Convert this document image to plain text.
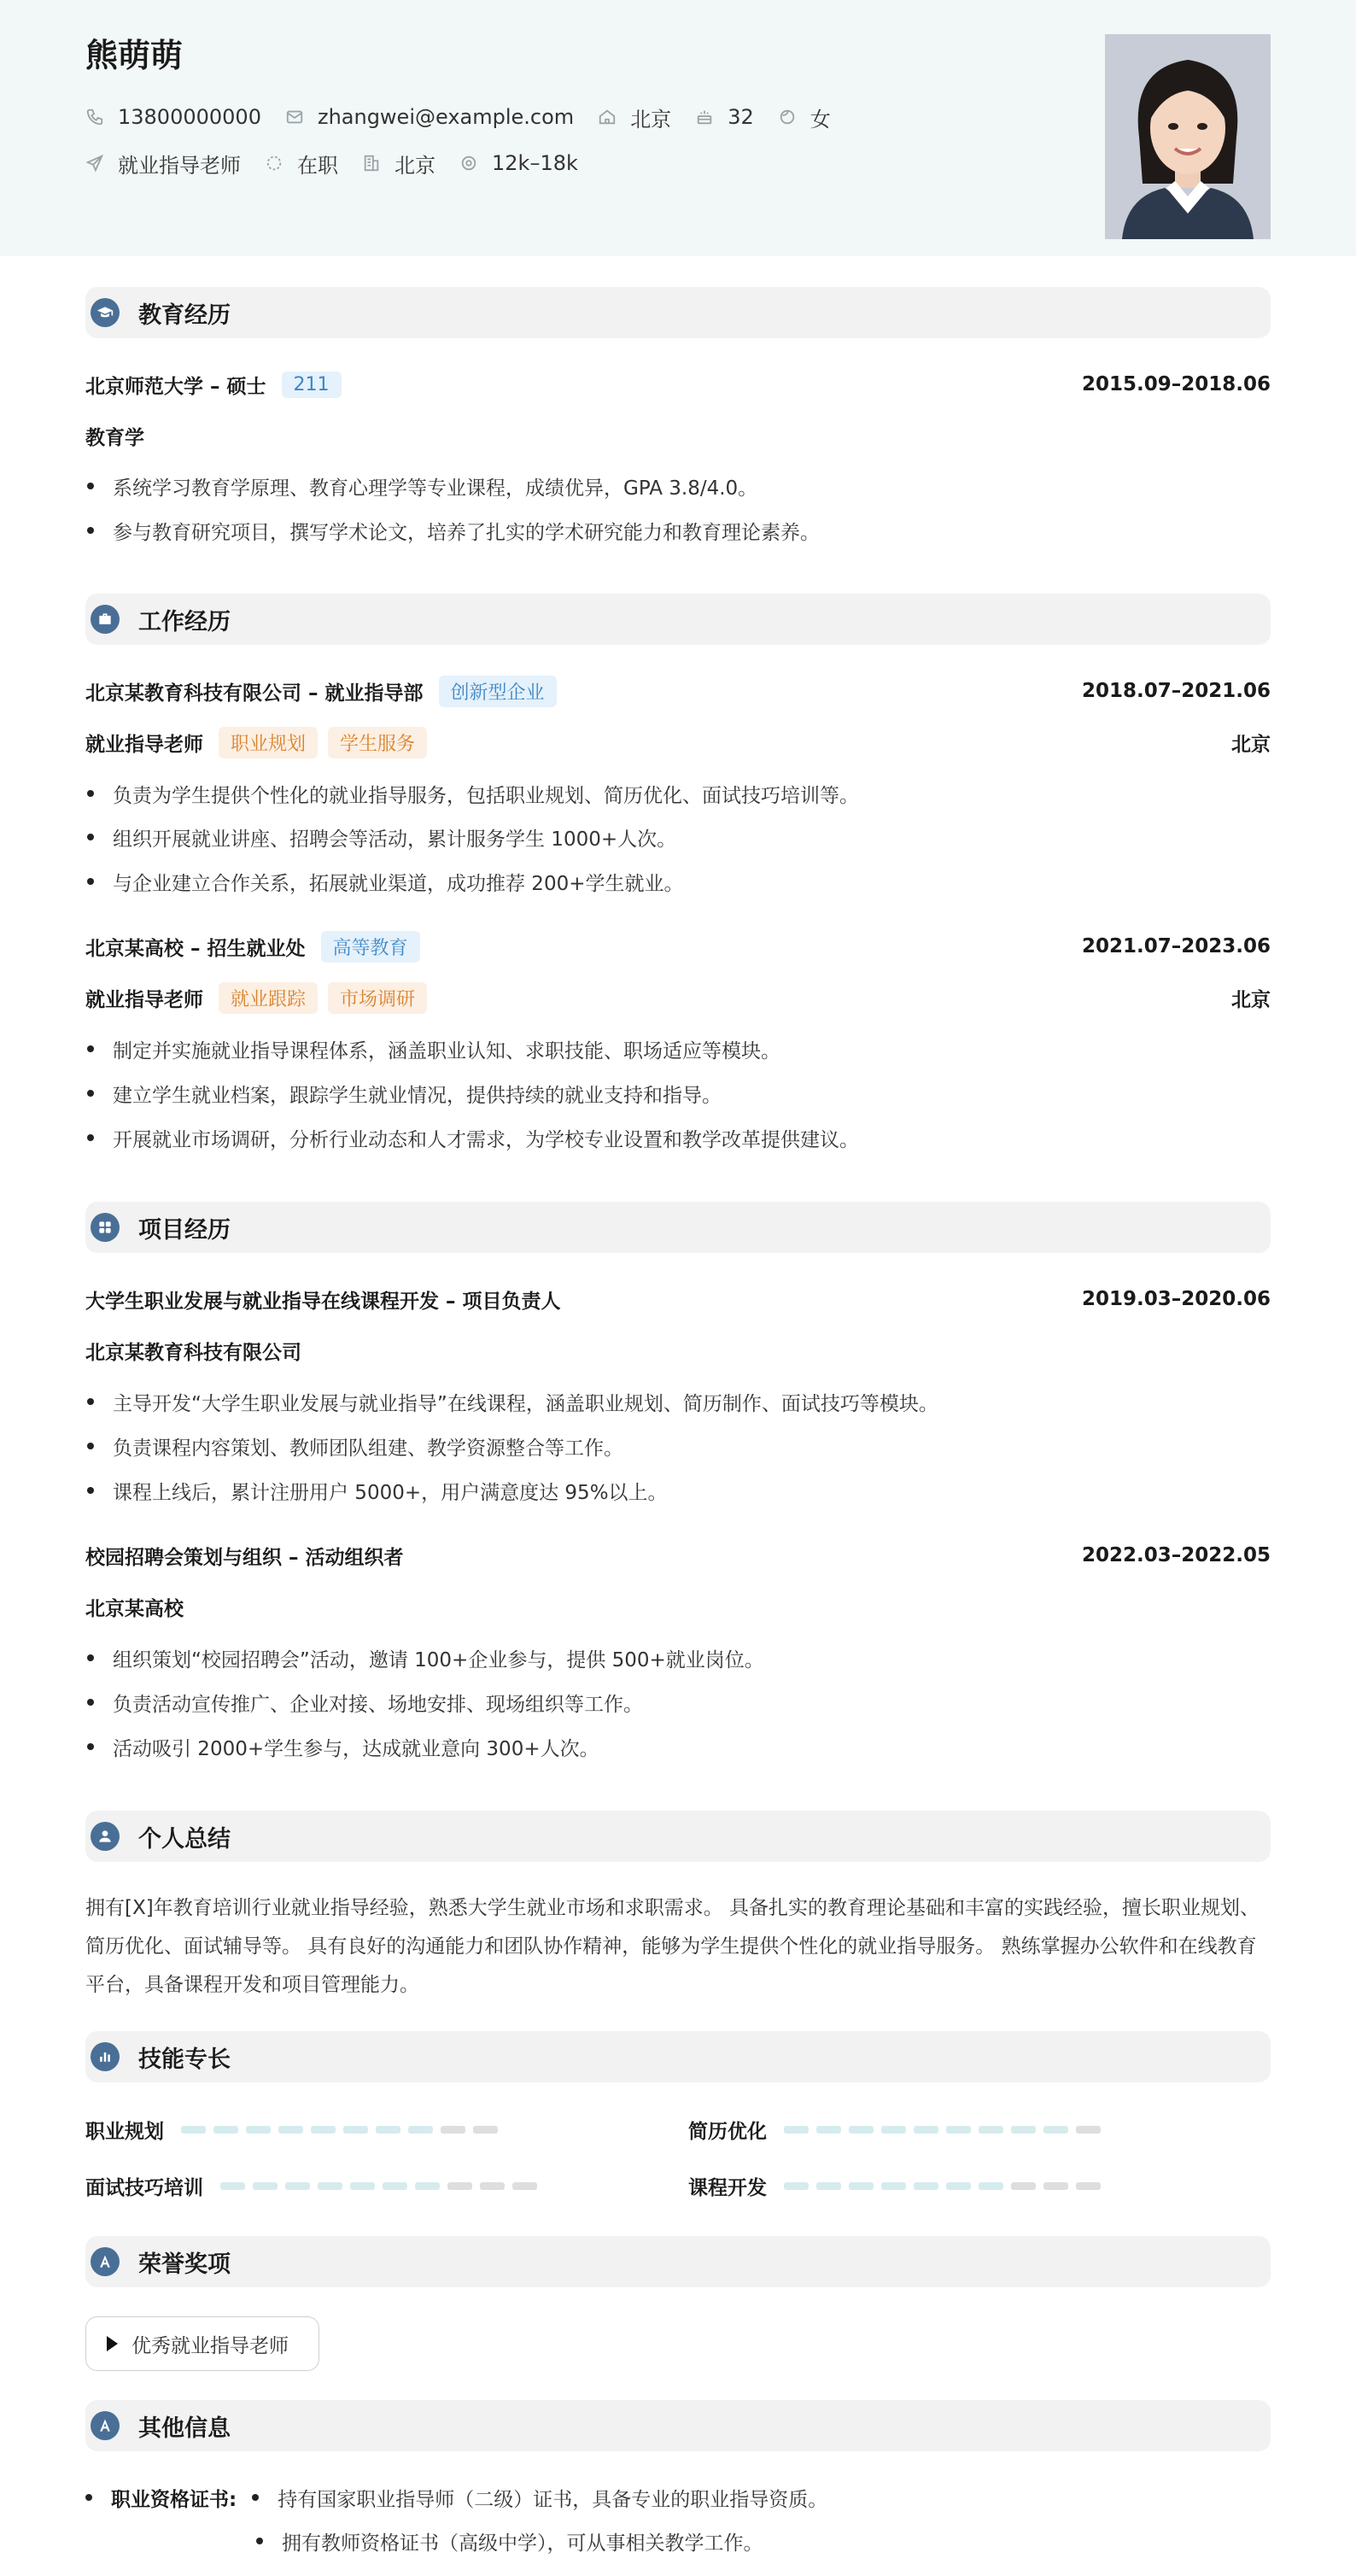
熊萌萌
13800000000	zhangwei@example.com	北京	32	女
就业指导老师	在职	北京	12k–18k
教育经历
北京师范大学 – 硕士	211	2015.09–2018.06
教育学
系统学习教育学原理、教育心理学等专业课程，成绩优异，GPA 3.8/4.0。
参与教育研究项目，撰写学术论文，培养了扎实的学术研究能力和教育理论素养。
工作经历
北京某教育科技有限公司 – 就业指导部	创新型企业	2018.07–2021.06
就业指导老师	职业规划	学生服务	北京
负责为学生提供个性化的就业指导服务，包括职业规划、简历优化、面试技巧培训等。
组织开展就业讲座、招聘会等活动，累计服务学生 1000+人次。
与企业建立合作关系，拓展就业渠道，成功推荐 200+学生就业。
北京某高校 – 招生就业处	高等教育	2021.07–2023.06
就业指导老师	就业跟踪	市场调研	北京
制定并实施就业指导课程体系，涵盖职业认知、求职技能、职场适应等模块。
建立学生就业档案，跟踪学生就业情况，提供持续的就业支持和指导。
开展就业市场调研，分析行业动态和人才需求，为学校专业设置和教学改革提供建议。
项目经历
大学生职业发展与就业指导在线课程开发 – 项目负责人	2019.03–2020.06
北京某教育科技有限公司
主导开发“大学生职业发展与就业指导”在线课程，涵盖职业规划、简历制作、面试技巧等模块。
负责课程内容策划、教师团队组建、教学资源整合等工作。
课程上线后，累计注册用户 5000+，用户满意度达 95%以上。
校园招聘会策划与组织 – 活动组织者	2022.03–2022.05
北京某高校
组织策划“校园招聘会”活动，邀请 100+企业参与，提供 500+就业岗位。
负责活动宣传推广、企业对接、场地安排、现场组织等工作。
活动吸引 2000+学生参与，达成就业意向 300+人次。
个人总结
拥有[X]年教育培训行业就业指导经验，熟悉大学生就业市场和求职需求。 具备扎实的教育理论基础和丰富的实践经验，擅长职业规划、简历优化、面试辅导等。 具有良好的沟通能力和团队协作精神，能够为学生提供个性化的就业指导服务。 熟练掌握办公软件和在线教育平台，具备课程开发和项目管理能力。
技能专长
职业规划	简历优化
面试技巧培训	课程开发
荣誉奖项
优秀就业指导老师
其他信息
职业资格证书: 持有国家职业指导师（二级）证书，具备专业的职业指导资质。
拥有教师资格证书（高级中学），可从事相关教学工作。
